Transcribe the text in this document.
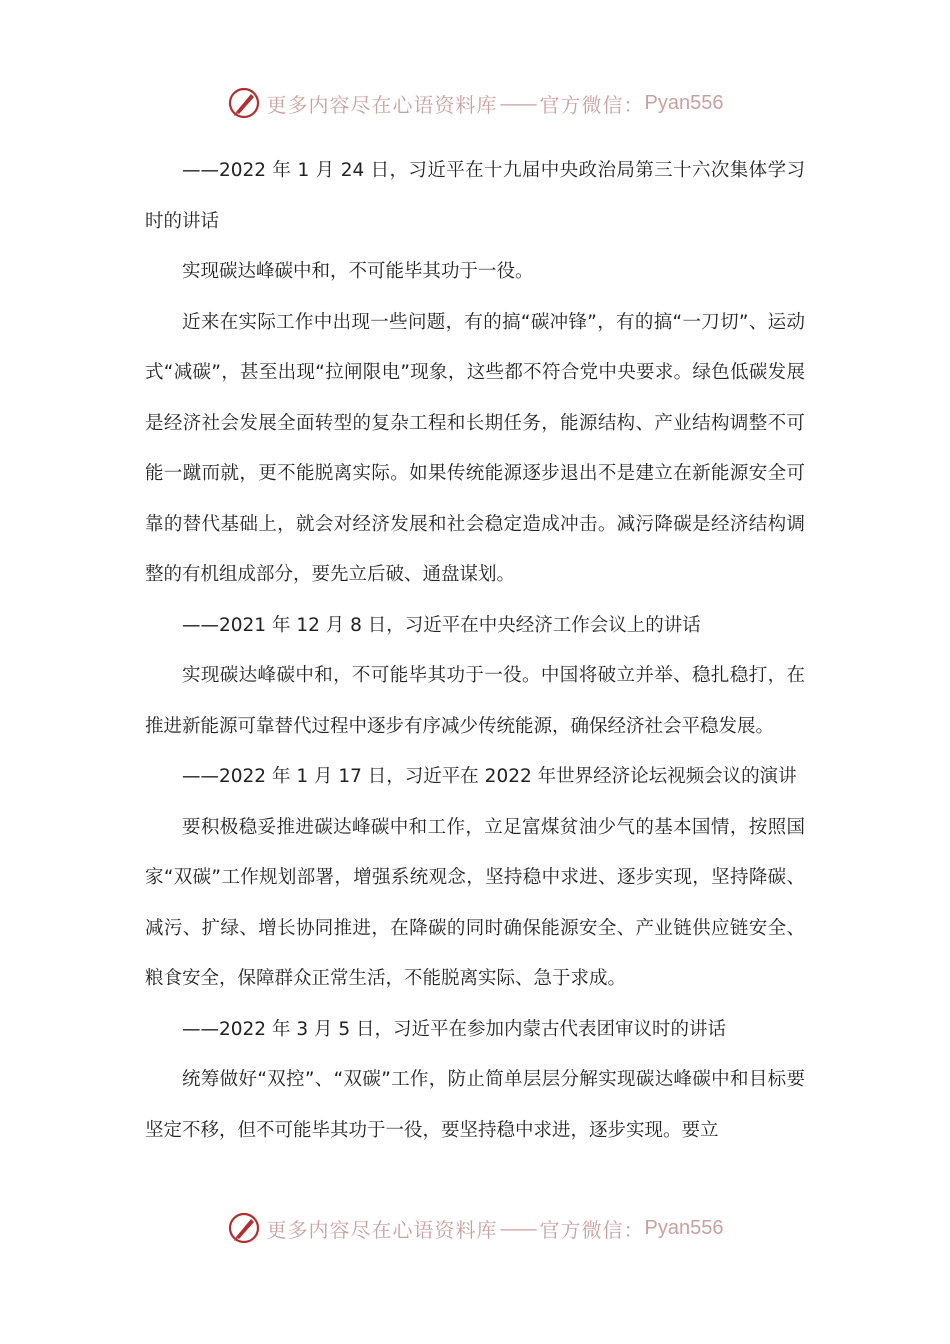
更多内容尽在心语资料库 —— 官方微信： Pyan556

——2022 年 1 月 24 日，习近平在十九届中央政治局第三十六次集体学习时的讲话

实现碳达峰碳中和，不可能毕其功于一役。

近来在实际工作中出现一些问题，有的搞“碳冲锋”，有的搞“一刀切”、运动式“减碳”，甚至出现“拉闸限电”现象，这些都不符合党中央要求。绿色低碳发展是经济社会发展全面转型的复杂工程和长期任务，能源结构、产业结构调整不可能一蹴而就，更不能脱离实际。如果传统能源逐步退出不是建立在新能源安全可靠的替代基础上，就会对经济发展和社会稳定造成冲击。减污降碳是经济结构调整的有机组成部分，要先立后破、通盘谋划。

——2021 年 12 月 8 日，习近平在中央经济工作会议上的讲话

实现碳达峰碳中和，不可能毕其功于一役。中国将破立并举、稳扎稳打，在推进新能源可靠替代过程中逐步有序减少传统能源，确保经济社会平稳发展。

——2022 年 1 月 17 日，习近平在 2022 年世界经济论坛视频会议的演讲

要积极稳妥推进碳达峰碳中和工作，立足富煤贫油少气的基本国情，按照国家“双碳”工作规划部署，增强系统观念，坚持稳中求进、逐步实现，坚持降碳、减污、扩绿、增长协同推进，在降碳的同时确保能源安全、产业链供应链安全、粮食安全，保障群众正常生活，不能脱离实际、急于求成。

——2022 年 3 月 5 日，习近平在参加内蒙古代表团审议时的讲话

统筹做好“双控”、“双碳”工作，防止简单层层分解实现碳达峰碳中和目标要坚定不移，但不可能毕其功于一役，要坚持稳中求进，逐步实现。要立

更多内容尽在心语资料库 —— 官方微信： Pyan556
